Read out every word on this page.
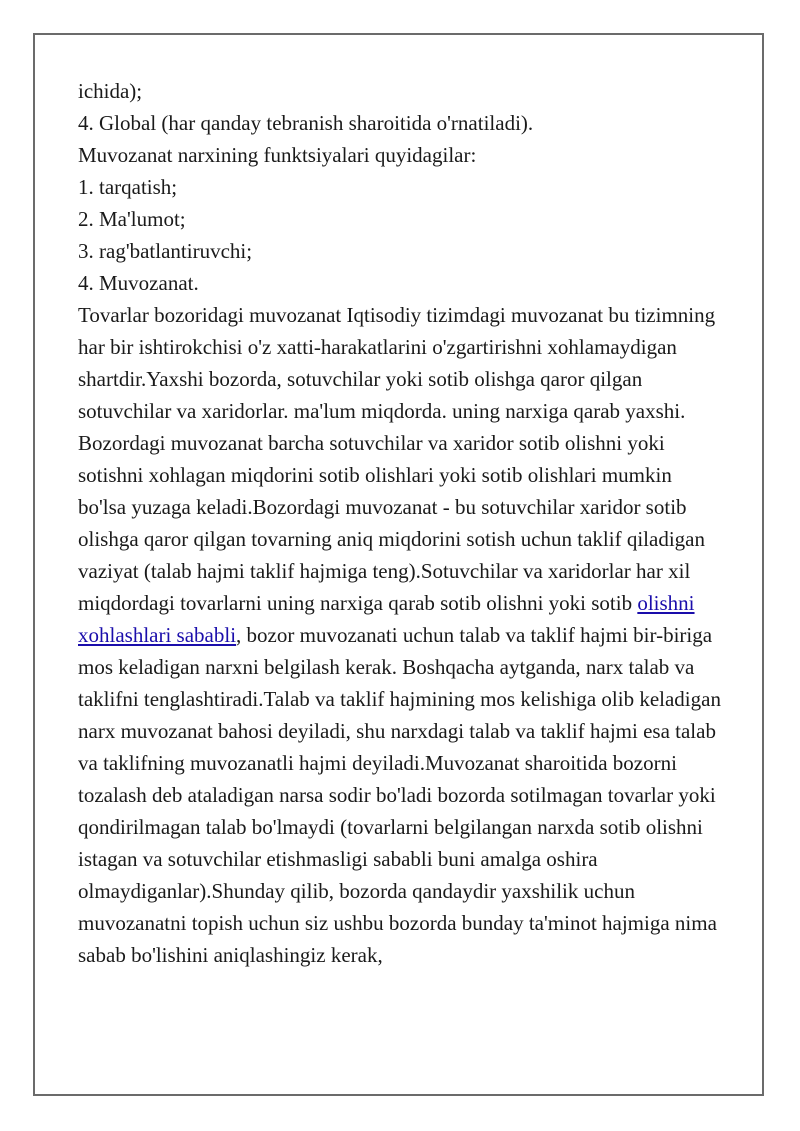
ichida);
4. Global (har qanday tebranish sharoitida o'rnatiladi).
Muvozanat narxining funktsiyalari quyidagilar:
1. tarqatish;
2. Ma'lumot;
3. rag'batlantiruvchi;
4. Muvozanat.
Tovarlar bozoridagi muvozanat Iqtisodiy tizimdagi muvozanat bu tizimning har bir ishtirokchisi o'z xatti-harakatlarini o'zgartirishni xohlamaydigan shartdir.Yaxshi bozorda, sotuvchilar yoki sotib olishga qaror qilgan sotuvchilar va xaridorlar. ma'lum miqdorda. uning narxiga qarab yaxshi. Bozordagi muvozanat barcha sotuvchilar va xaridor sotib olishni yoki sotishni xohlagan miqdorini sotib olishlari yoki sotib olishlari mumkin bo'lsa yuzaga keladi.Bozordagi muvozanat - bu sotuvchilar xaridor sotib olishga qaror qilgan tovarning aniq miqdorini sotish uchun taklif qiladigan vaziyat (talab hajmi taklif hajmiga teng).Sotuvchilar va xaridorlar har xil miqdordagi tovarlarni uning narxiga qarab sotib olishni yoki sotib olishni xohlashlari sababli, bozor muvozanati uchun talab va taklif hajmi bir-biriga mos keladigan narxni belgilash kerak. Boshqacha aytganda, narx talab va taklifni tenglashtiradi.Talab va taklif hajmining mos kelishiga olib keladigan narx muvozanat bahosi deyiladi, shu narxdagi talab va taklif hajmi esa talab va taklifning muvozanatli hajmi deyiladi.Muvozanat sharoitida bozorni tozalash deb ataladigan narsa sodir bo'ladi bozorda sotilmagan tovarlar yoki qondirilmagan talab bo'lmaydi (tovarlarni belgilangan narxda sotib olishni istagan va sotuvchilar etishmasligi sababli buni amalga oshira olmaydiganlar).Shunday qilib, bozorda qandaydir yaxshilik uchun muvozanatni topish uchun siz ushbu bozorda bunday ta'minot hajmiga nima sabab bo'lishini aniqlashingiz kerak,
